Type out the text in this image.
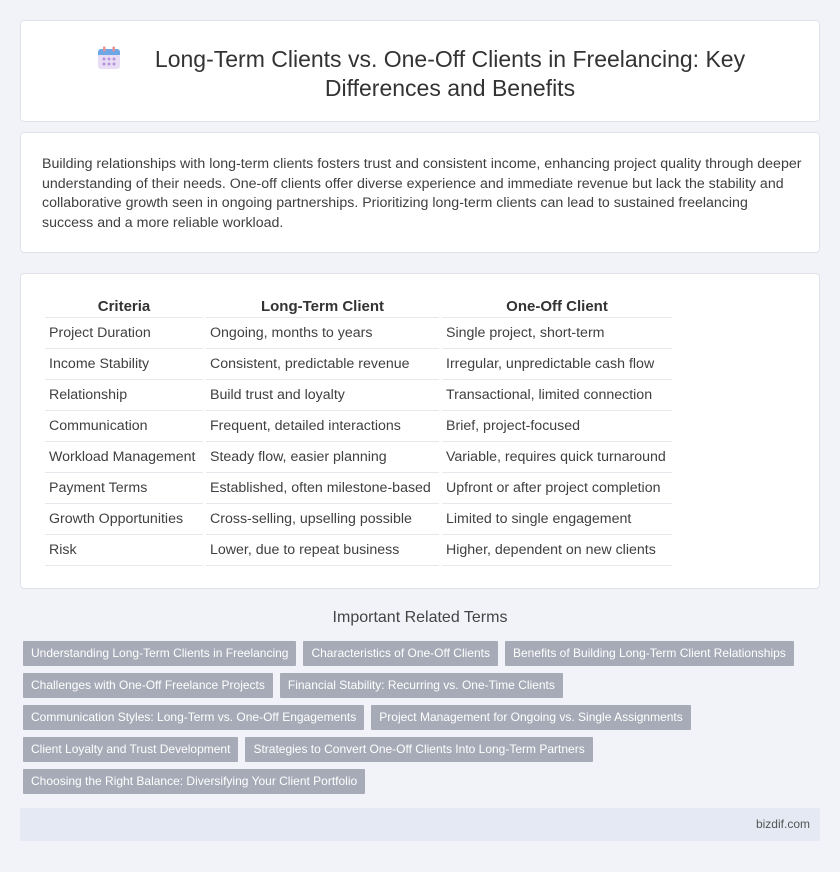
Long-Term Clients vs. One-Off Clients in Freelancing: Key Differences and Benefits

Building relationships with long-term clients fosters trust and consistent income, enhancing project quality through deeper understanding of their needs. One-off clients offer diverse experience and immediate revenue but lack the stability and collaborative growth seen in ongoing partnerships. Prioritizing long-term clients can lead to sustained freelancing success and a more reliable workload.

Criteria	Long-Term Client	One-Off Client
Project Duration	Ongoing, months to years	Single project, short-term
Income Stability	Consistent, predictable revenue	Irregular, unpredictable cash flow
Relationship	Build trust and loyalty	Transactional, limited connection
Communication	Frequent, detailed interactions	Brief, project-focused
Workload Management	Steady flow, easier planning	Variable, requires quick turnaround
Payment Terms	Established, often milestone-based	Upfront or after project completion
Growth Opportunities	Cross-selling, upselling possible	Limited to single engagement
Risk	Lower, due to repeat business	Higher, dependent on new clients
Important Related Terms
Understanding Long-Term Clients in Freelancing	Characteristics of One-Off Clients	Benefits of Building Long-Term Client Relationships
Challenges with One-Off Freelance Projects	Financial Stability: Recurring vs. One-Time Clients
Communication Styles: Long-Term vs. One-Off Engagements	Project Management for Ongoing vs. Single Assignments
Client Loyalty and Trust Development	Strategies to Convert One-Off Clients Into Long-Term Partners
Choosing the Right Balance: Diversifying Your Client Portfolio
bizdif.com
